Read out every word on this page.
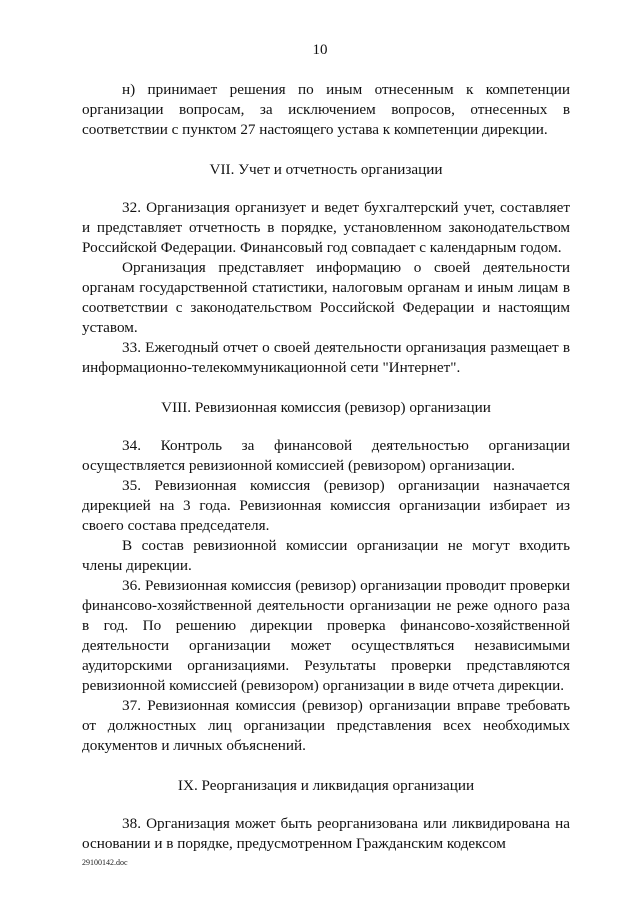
10

н) принимает решения по иным отнесенным к компетенции организации вопросам, за исключением вопросов, отнесенных в соответствии с пунктом 27 настоящего устава к компетенции дирекции.

VII. Учет и отчетность организации

32. Организация организует и ведет бухгалтерский учет, составляет и представляет отчетность в порядке, установленном законодательством Российской Федерации. Финансовый год совпадает с календарным годом.

Организация представляет информацию о своей деятельности органам государственной статистики, налоговым органам и иным лицам в соответствии с законодательством Российской Федерации и настоящим уставом.

33. Ежегодный отчет о своей деятельности организация размещает в информационно-телекоммуникационной сети "Интернет".

VIII. Ревизионная комиссия (ревизор) организации

34. Контроль за финансовой деятельностью организации осуществляется ревизионной комиссией (ревизором) организации.

35. Ревизионная комиссия (ревизор) организации назначается дирекцией на 3 года. Ревизионная комиссия организации избирает из своего состава председателя.

В состав ревизионной комиссии организации не могут входить члены дирекции.

36. Ревизионная комиссия (ревизор) организации проводит проверки финансово-хозяйственной деятельности организации не реже одного раза в год. По решению дирекции проверка финансово-хозяйственной деятельности организации может осуществляться независимыми аудиторскими организациями. Результаты проверки представляются ревизионной комиссией (ревизором) организации в виде отчета дирекции.

37. Ревизионная комиссия (ревизор) организации вправе требовать от должностных лиц организации представления всех необходимых документов и личных объяснений.

IX. Реорганизация и ликвидация организации

38. Организация может быть реорганизована или ликвидирована на основании и в порядке, предусмотренном Гражданским кодексом

29100142.doc
